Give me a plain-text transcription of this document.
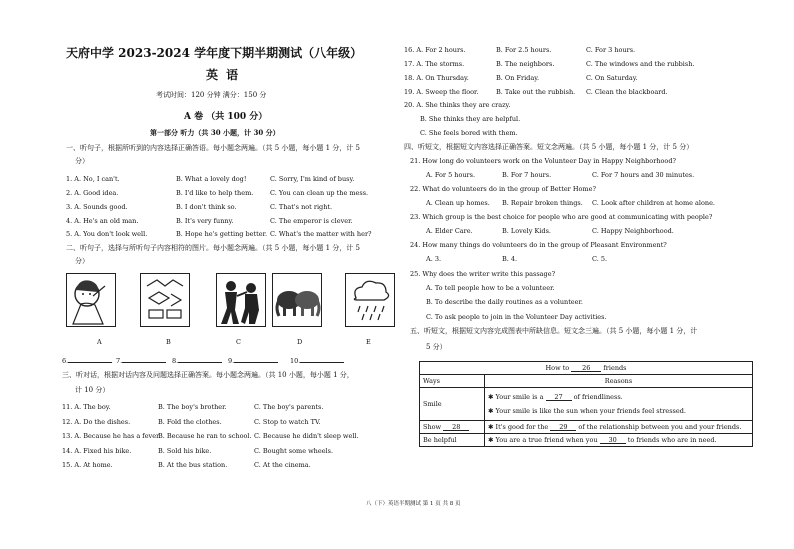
天府中学 2023-2024 学年度下期半期测试（八年级）
英 语
考试时间：120 分钟 满分：150 分
A 卷 （共 100 分）
第一部分 听力（共 30 小题，计 30 分）
一、听句子，根据所听到的内容选择正确答语。每小题念两遍。（共 5 小题，每小题 1 分，计 5
分）
1. A. No, I can't.	B. What a lovely dog!	C. Sorry, I'm kind of busy.
2. A. Good idea.	B. I'd like to help them.	C. You can clean up the mess.
3. A. Sounds good.	B. I don't think so.	C. That's not right.
4. A. He's an old man.	B. It's very funny.	C. The emperor is clever.
5. A. You don't look well.	B. Hope he's getting better. C. What's the matter with her?
二、听句子，选择与所听句子内容相符的图片。每小题念两遍。（共 5 小题，每小题 1 分，计 5
分）
A	B	C	D	E
6.	7.	8.	9.	10.
三、听对话，根据对话内容及问题选择正确答案。每小题念两遍。（共 10 小题，每小题 1 分，
计 10 分）
11. A. The boy.	B. The boy's brother.	C. The boy's parents.
12. A. Do the dishes.	B. Fold the clothes.	C. Stop to watch TV.
13. A. Because he has a fever.
B. Because he ran to school. C. Because he didn't sleep well.
14. A. Fixed his bike.	B. Sold his bike.	C. Bought some wheels.
15. A. At home.	B. At the bus station.	C. At the cinema.
16. A. For 2 hours.	B. For 2.5 hours.	C. For 3 hours.
17. A. The storms.	B. The neighbors.	C. The windows and the rubbish.
18. A. On Thursday.	B. On Friday.	C. On Saturday.
19. A. Sweep the floor.	B. Take out the rubbish. C. Clean the blackboard.
20. A. She thinks they are crazy.
B. She thinks they are helpful.
C. She feels bored with them.
四、听短文，根据短文内容选择正确答案。短文念两遍。（共 5 小题，每小题 1 分，计 5 分）
21. How long do volunteers work on the Volunteer Day in Happy Neighborhood?
A. For 5 hours.	B. For 7 hours.	C. For 7 hours and 30 minutes.
22. What do volunteers do in the group of Better Home?
A. Clean up homes. B. Repair broken things. C. Look after children at home alone.
23. Which group is the best choice for people who are good at communicating with people?
A. Elder Care.	B. Lovely Kids.	C. Happy Neighborhood.
24. How many things do volunteers do in the group of Pleasant Environment?
A. 3.	B. 4.	C. 5.
25. Why does the writer write this passage?
A. To tell people how to be a volunteer.
B. To describe the daily routines as a volunteer.
C. To ask people to join in the Volunteer Day activities.
五、听短文，根据短文内容完成图表中所缺信息。短文念三遍。（共 5 小题，每小题 1 分，计
5 分）
How to 26 friends	
Ways	Reasons
Smile	✱ Your smile is a 27 of friendliness.
✱ Your smile is like the sun when your friends feel stressed.

Show 28	✱ It's good for the 29 of the relationship between you and your friends.
Be helpful	✱ You are a true friend when you 30 to friends who are in need.
八（下）英语半期测试 第 1 页 共 8 页
